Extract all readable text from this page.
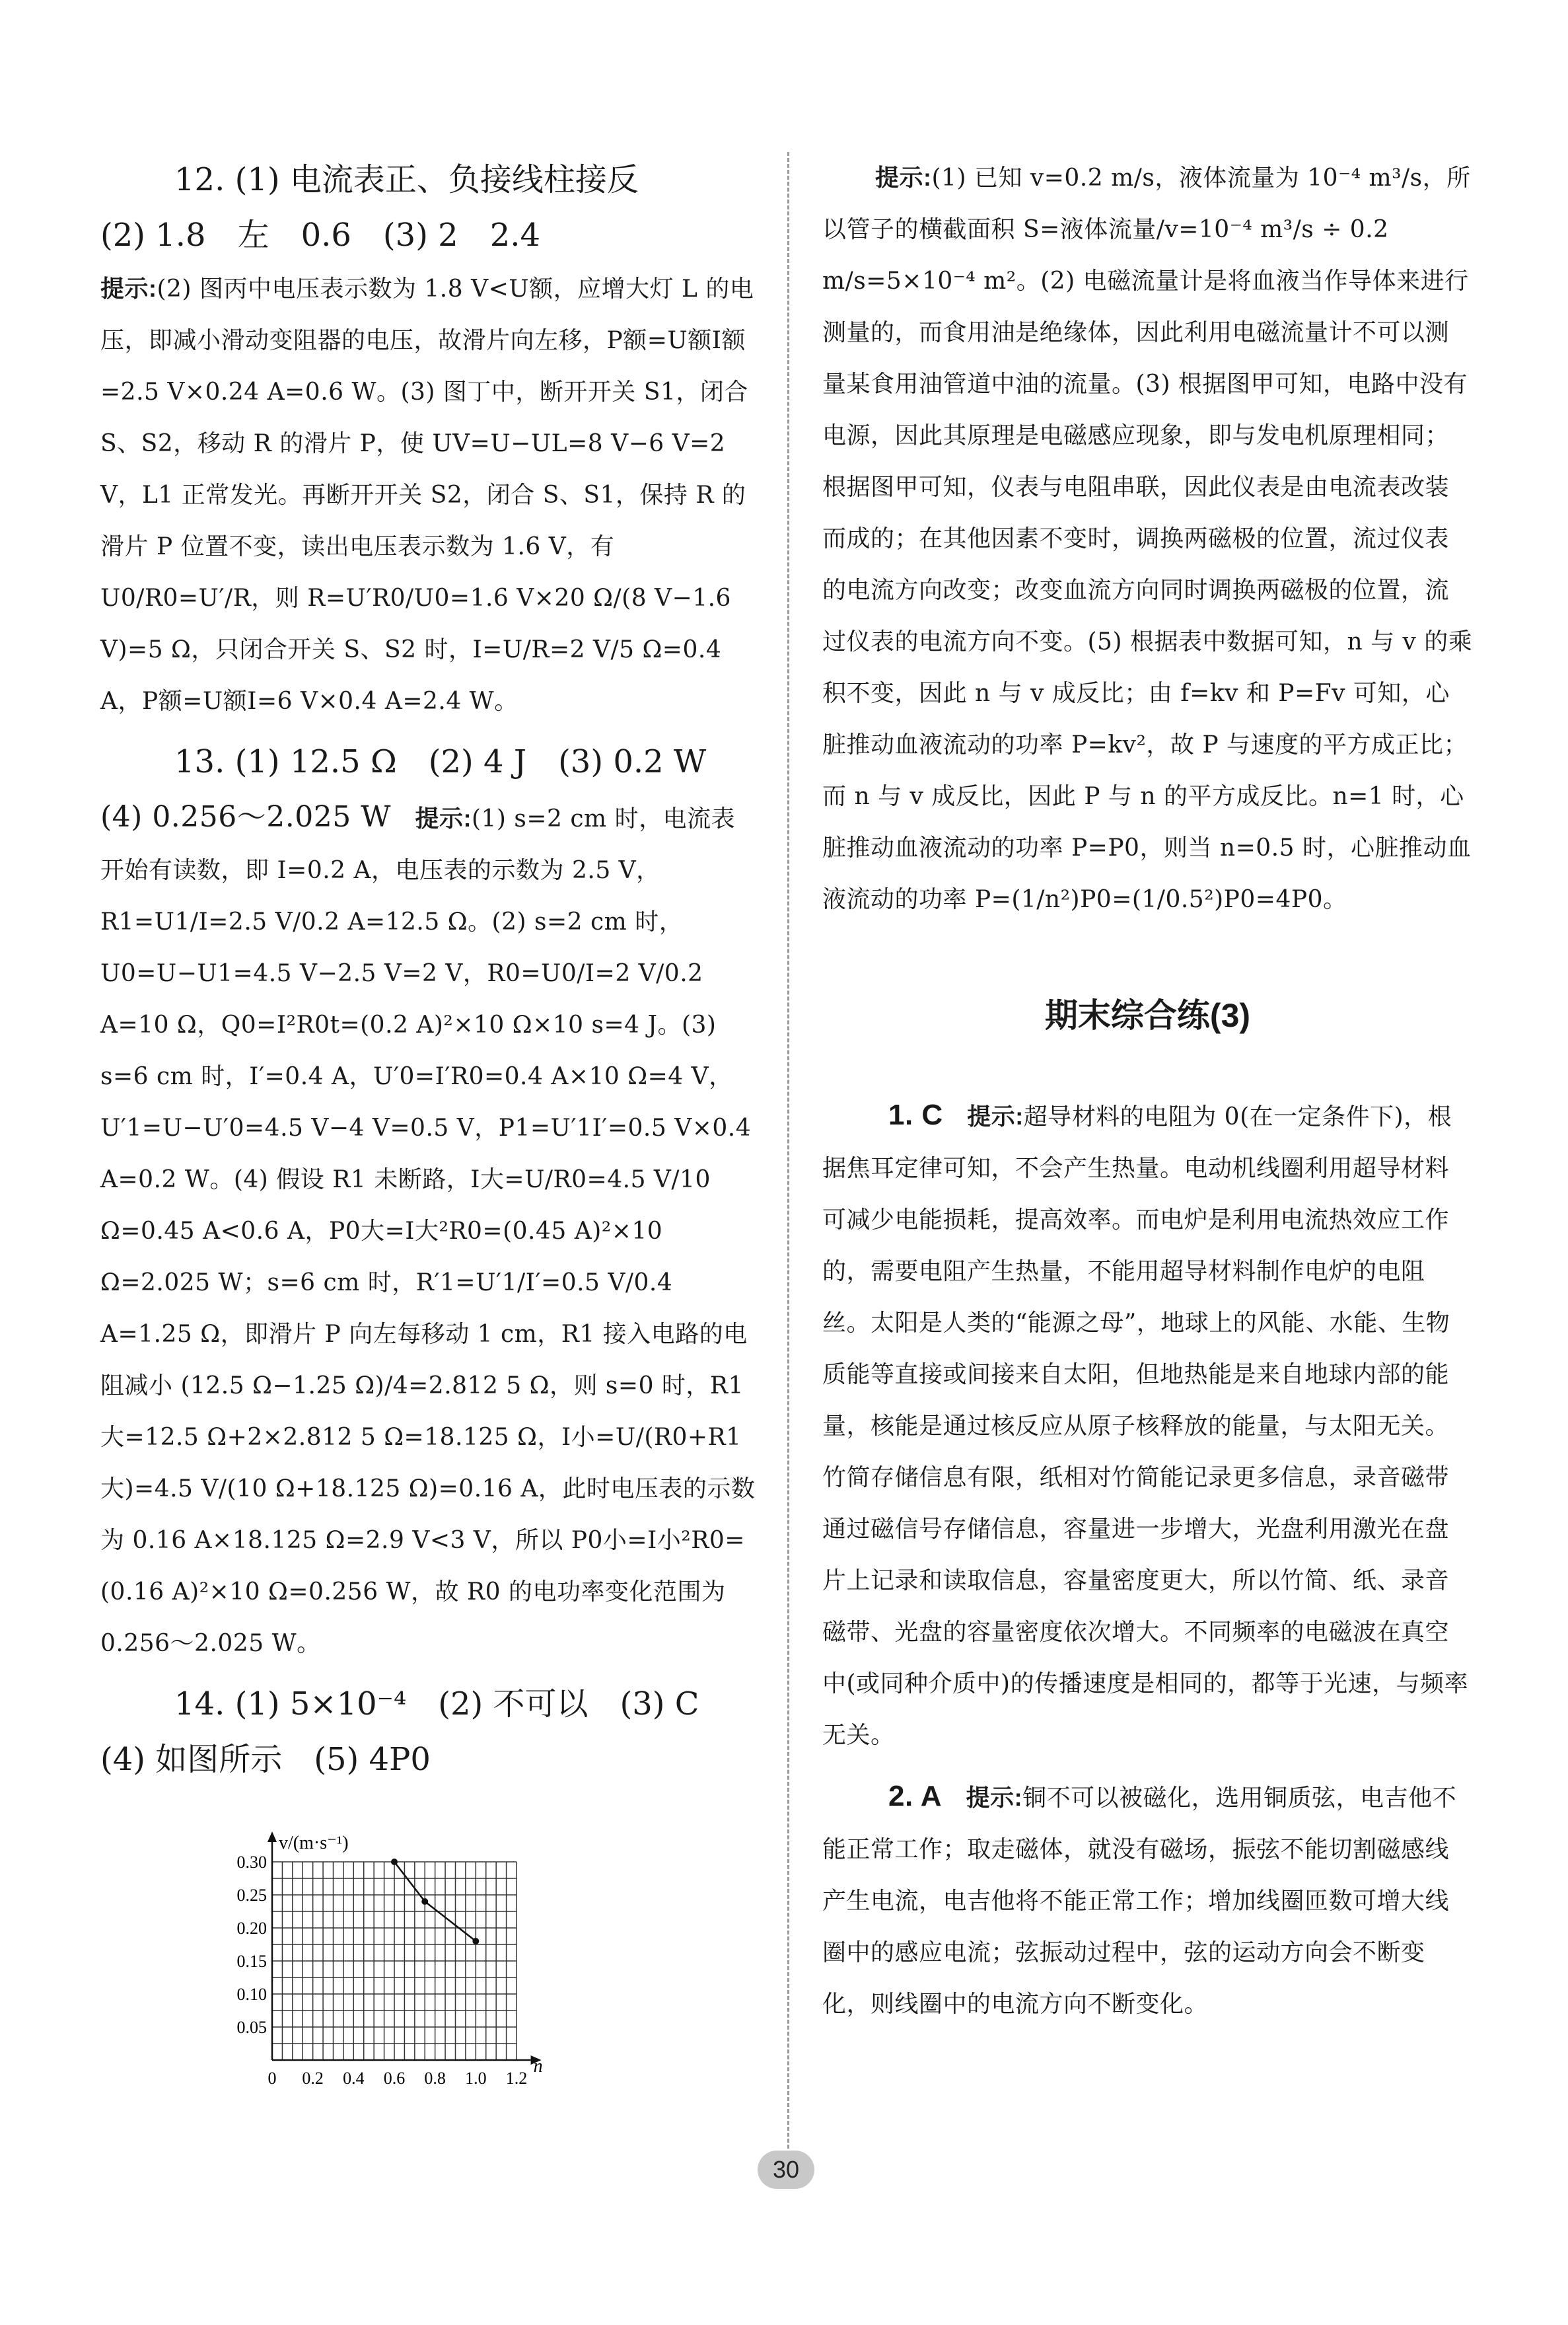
12. (1) 电流表正、负接线柱接反

(2) 1.8　左　0.6　(3) 2　2.4

提示:(2) 图丙中电压表示数为 1.8 V<U额，应增大灯 L 的电压，即减小滑动变阻器的电压，故滑片向左移，P额=U额I额=2.5 V×0.24 A=0.6 W。(3) 图丁中，断开开关 S1，闭合 S、S2，移动 R 的滑片 P，使 UV=U−UL=8 V−6 V=2 V，L1 正常发光。再断开开关 S2，闭合 S、S1，保持 R 的滑片 P 位置不变，读出电压表示数为 1.6 V，有 U0/R0=U′/R，则 R=U′R0/U0=1.6 V×20 Ω/(8 V−1.6 V)=5 Ω，只闭合开关 S、S2 时，I=U/R=2 V/5 Ω=0.4 A，P额=U额I=6 V×0.4 A=2.4 W。

13. (1) 12.5 Ω　(2) 4 J　(3) 0.2 W

(4) 0.256～2.025 W　 提示:(1) s=2 cm 时，电流表开始有读数，即 I=0.2 A，电压表的示数为 2.5 V，R1=U1/I=2.5 V/0.2 A=12.5 Ω。(2) s=2 cm 时，U0=U−U1=4.5 V−2.5 V=2 V，R0=U0/I=2 V/0.2 A=10 Ω，Q0=I²R0t=(0.2 A)²×10 Ω×10 s=4 J。(3) s=6 cm 时，I′=0.4 A，U′0=I′R0=0.4 A×10 Ω=4 V，U′1=U−U′0=4.5 V−4 V=0.5 V，P1=U′1I′=0.5 V×0.4 A=0.2 W。(4) 假设 R1 未断路，I大=U/R0=4.5 V/10 Ω=0.45 A<0.6 A，P0大=I大²R0=(0.45 A)²×10 Ω=2.025 W；s=6 cm 时，R′1=U′1/I′=0.5 V/0.4 A=1.25 Ω，即滑片 P 向左每移动 1 cm，R1 接入电路的电阻减小 (12.5 Ω−1.25 Ω)/4=2.812 5 Ω，则 s=0 时，R1大=12.5 Ω+2×2.812 5 Ω=18.125 Ω，I小=U/(R0+R1大)=4.5 V/(10 Ω+18.125 Ω)=0.16 A，此时电压表的示数为 0.16 A×18.125 Ω=2.9 V<3 V，所以 P0小=I小²R0=(0.16 A)²×10 Ω=0.256 W，故 R0 的电功率变化范围为 0.256～2.025 W。

14. (1) 5×10⁻⁴　(2) 不可以　(3) C

(4) 如图所示　(5) 4P0

0 0.2 0.4 0.6 0.8 1.0 1.2
0.05
0.10
0.15
0.20
0.25
0.30
n
v/(m·s⁻¹)

提示:(1) 已知 v=0.2 m/s，液体流量为 10⁻⁴ m³/s，所以管子的横截面积 S=液体流量/v=10⁻⁴ m³/s ÷ 0.2 m/s=5×10⁻⁴ m²。(2) 电磁流量计是将血液当作导体来进行测量的，而食用油是绝缘体，因此利用电磁流量计不可以测量某食用油管道中油的流量。(3) 根据图甲可知，电路中没有电源，因此其原理是电磁感应现象，即与发电机原理相同；根据图甲可知，仪表与电阻串联，因此仪表是由电流表改装而成的；在其他因素不变时，调换两磁极的位置，流过仪表的电流方向改变；改变血流方向同时调换两磁极的位置，流过仪表的电流方向不变。(5) 根据表中数据可知，n 与 v 的乘积不变，因此 n 与 v 成反比；由 f=kv 和 P=Fv 可知，心脏推动血液流动的功率 P=kv²，故 P 与速度的平方成正比；而 n 与 v 成反比，因此 P 与 n 的平方成反比。n=1 时，心脏推动血液流动的功率 P=P0，则当 n=0.5 时，心脏推动血液流动的功率 P=(1/n²)P0=(1/0.5²)P0=4P0。

期末综合练(3)

1. C　 提示:超导材料的电阻为 0(在一定条件下)，根据焦耳定律可知，不会产生热量。电动机线圈利用超导材料可减少电能损耗，提高效率。而电炉是利用电流热效应工作的，需要电阻产生热量，不能用超导材料制作电炉的电阻丝。太阳是人类的“能源之母”，地球上的风能、水能、生物质能等直接或间接来自太阳，但地热能是来自地球内部的能量，核能是通过核反应从原子核释放的能量，与太阳无关。竹简存储信息有限，纸相对竹简能记录更多信息，录音磁带通过磁信号存储信息，容量进一步增大，光盘利用激光在盘片上记录和读取信息，容量密度更大，所以竹简、纸、录音磁带、光盘的容量密度依次增大。不同频率的电磁波在真空中(或同种介质中)的传播速度是相同的，都等于光速，与频率无关。

2. A　 提示:铜不可以被磁化，选用铜质弦，电吉他不能正常工作；取走磁体，就没有磁场，振弦不能切割磁感线产生电流，电吉他将不能正常工作；增加线圈匝数可增大线圈中的感应电流；弦振动过程中，弦的运动方向会不断变化，则线圈中的电流方向不断变化。

30
